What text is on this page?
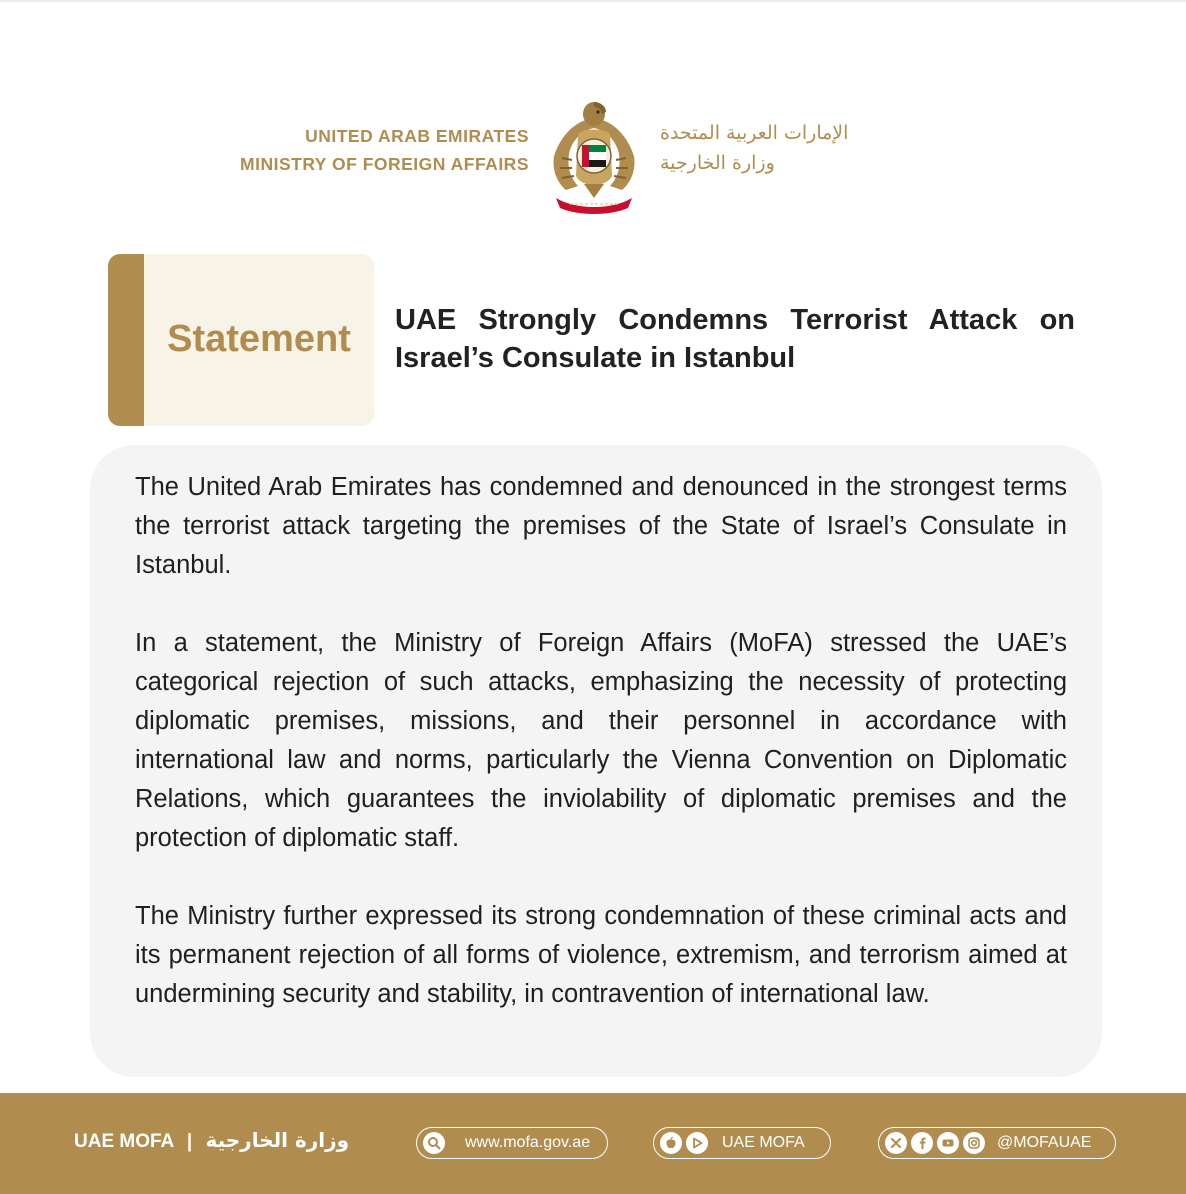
UNITED ARAB EMIRATES
MINISTRY OF FOREIGN AFFAIRS
الإمارات العربية المتحدة
وزارة الخارجية
Statement	UAE Strongly Condemns Terrorist Attack on
Israel’s Consulate in Istanbul

The United Arab Emirates has condemned and denounced in the strongest terms the terrorist attack targeting the premises of the State of Israel’s Consulate in Istanbul.

In a statement, the Ministry of Foreign Affairs (MoFA) stressed the UAE’s categorical rejection of such attacks, emphasizing the necessity of protecting diplomatic premises, missions, and their personnel in accordance with international law and norms, particularly the Vienna Convention on Diplomatic Relations, which guarantees the inviolability of diplomatic premises and the protection of diplomatic staff.

The Ministry further expressed its strong condemnation of these criminal acts and its permanent rejection of all forms of violence, extremism, and terrorism aimed at undermining security and stability, in contravention of international law.

UAE MOFA | وزارة الخارجية	www.mofa.gov.ae	UAE MOFA	@MOFAUAE
